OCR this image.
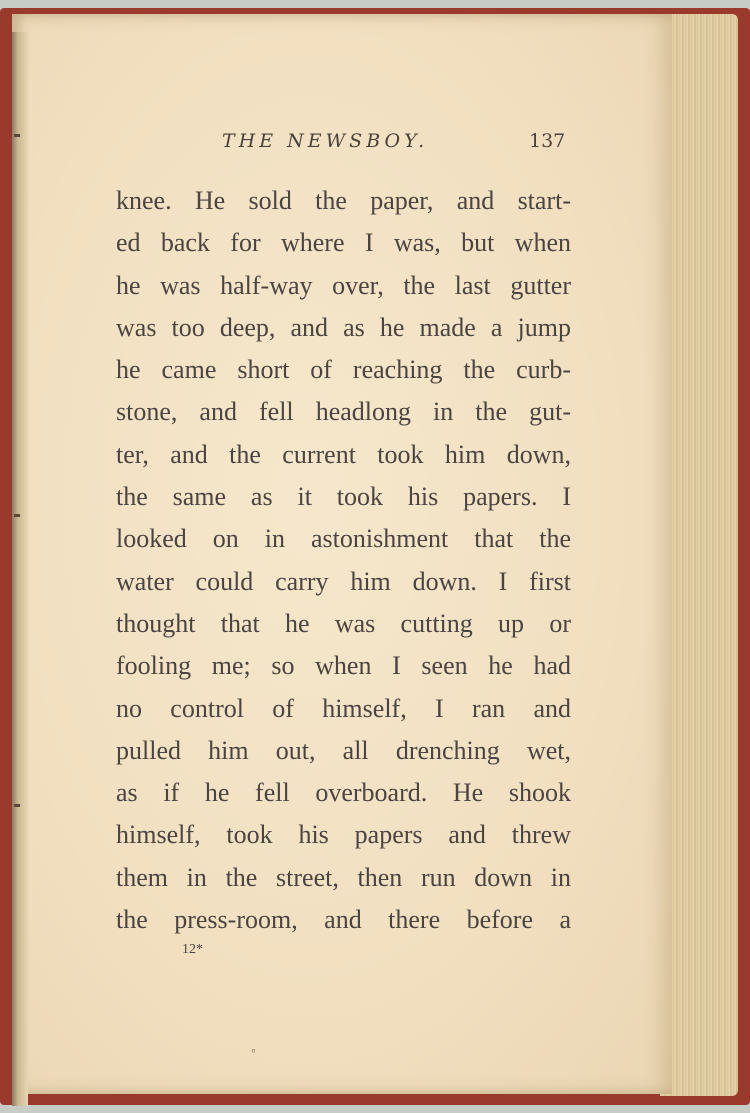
THE NEWSBOY.	137
knee. He sold the paper, and start-
ed back for where I was, but when
he was half-way over, the last gutter
was too deep, and as he made a jump
he came short of reaching the curb-
stone, and fell headlong in the gut-
ter, and the current took him down,
the same as it took his papers. I
looked on in astonishment that the
water could carry him down. I first
thought that he was cutting up or
fooling me; so when I seen he had
no control of himself, I ran and
pulled him out, all drenching wet,
as if he fell overboard. He shook
himself, took his papers and threw
them in the street, then run down in
the press-room, and there before a
12*
∘
